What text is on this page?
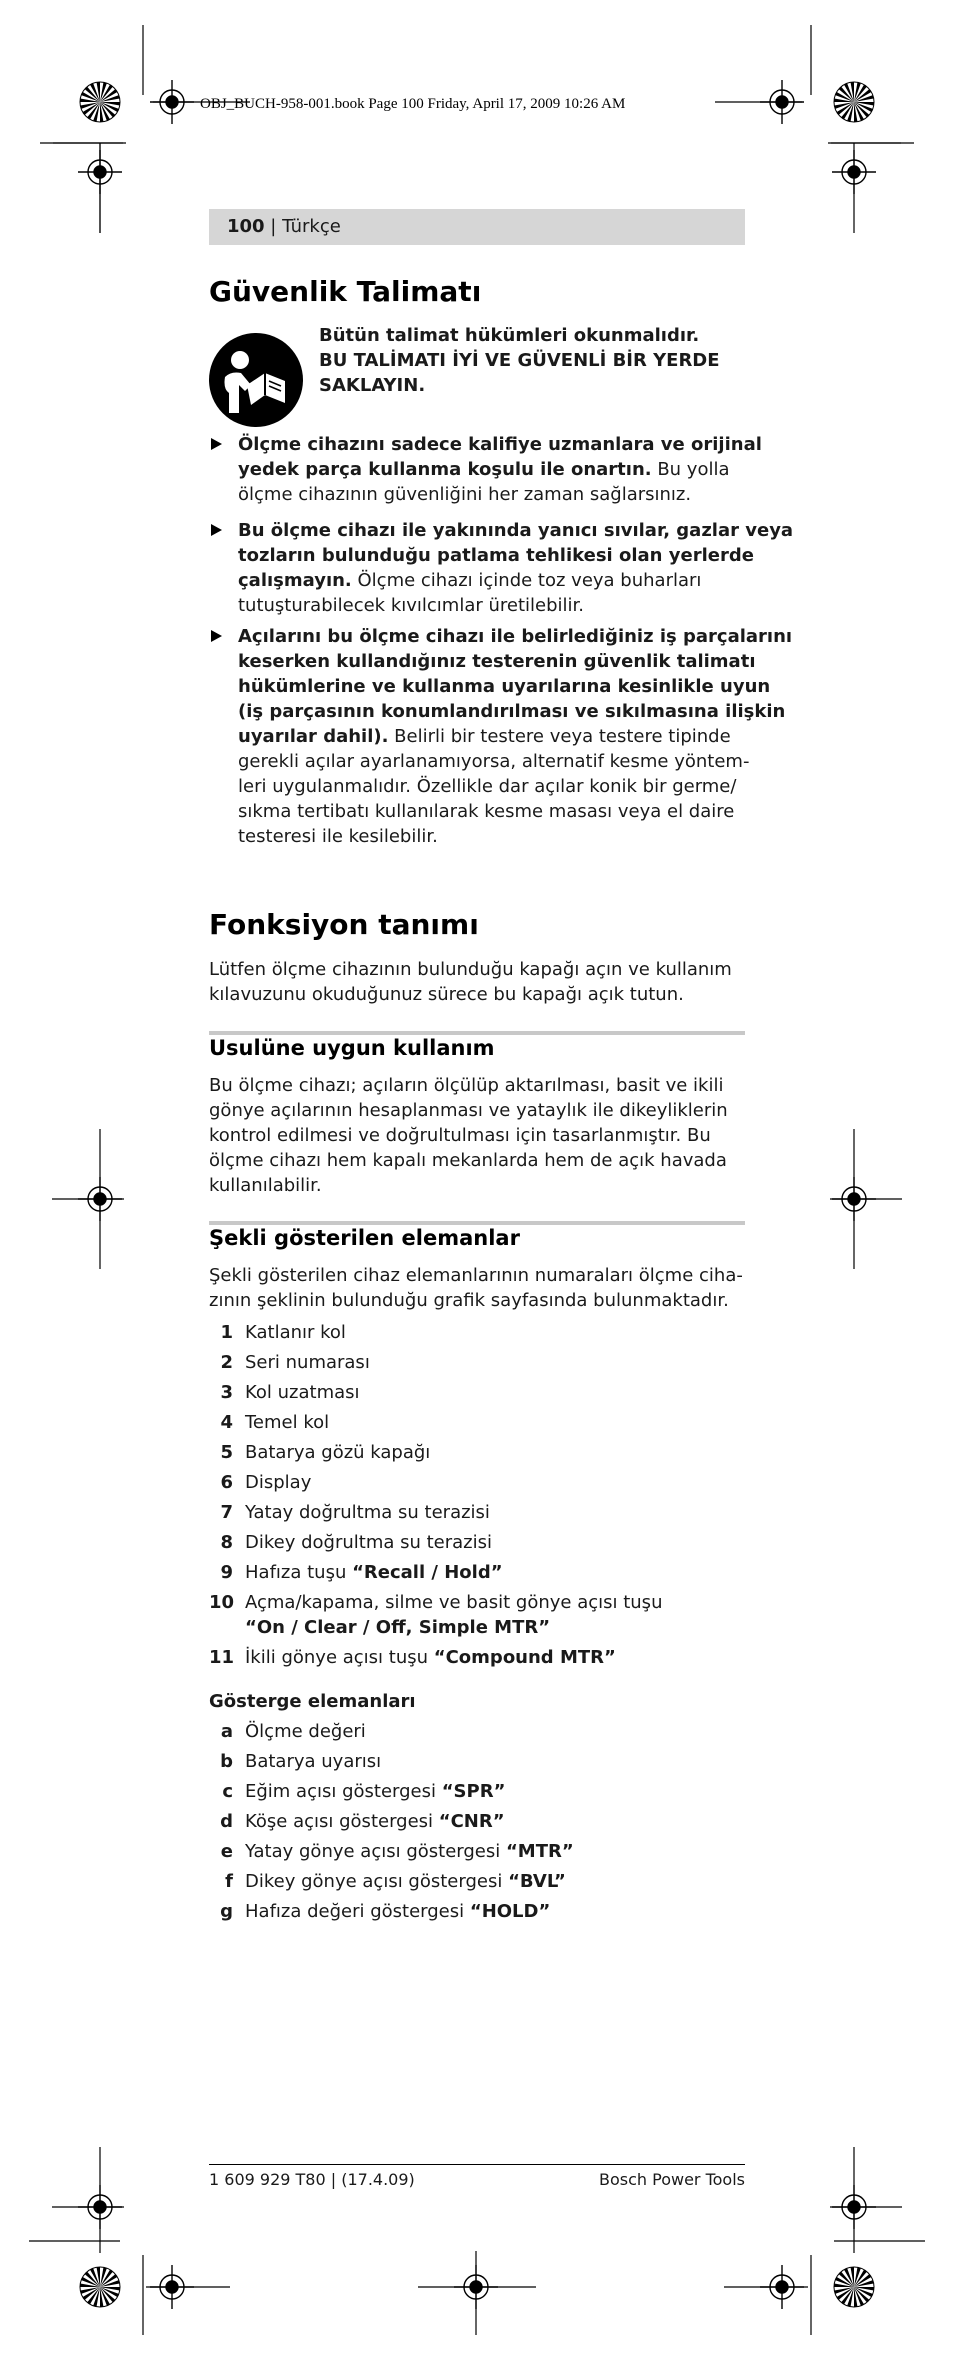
OBJ_BUCH-958-001.book Page 100 Friday, April 17, 2009 10:26 AM
100 | Türkçe
Güvenlik Talimatı
Bütün talimat hükümleri okunmalıdır.
BU TALİMATI İYİ VE GÜVENLİ BİR YERDE
SAKLAYIN.
Ölçme cihazını sadece kalifiye uzmanlara ve orijinal
yedek parça kullanma koşulu ile onartın. Bu yolla
ölçme cihazının güvenliğini her zaman sağlarsınız.
Bu ölçme cihazı ile yakınında yanıcı sıvılar, gazlar veya
tozların bulunduğu patlama tehlikesi olan yerlerde
çalışmayın. Ölçme cihazı içinde toz veya buharları
tutuşturabilecek kıvılcımlar üretilebilir.
Açılarını bu ölçme cihazı ile belirlediğiniz iş parçalarını
keserken kullandığınız testerenin güvenlik talimatı
hükümlerine ve kullanma uyarılarına kesinlikle uyun
(iş parçasının konumlandırılması ve sıkılmasına ilişkin
uyarılar dahil). Belirli bir testere veya testere tipinde
gerekli açılar ayarlanamıyorsa, alternatif kesme yöntem-
leri uygulanmalıdır. Özellikle dar açılar konik bir germe/
sıkma tertibatı kullanılarak kesme masası veya el daire
testeresi ile kesilebilir.
Fonksiyon tanımı
Lütfen ölçme cihazının bulunduğu kapağı açın ve kullanım
kılavuzunu okuduğunuz sürece bu kapağı açık tutun.
Usulüne uygun kullanım
Bu ölçme cihazı; açıların ölçülüp aktarılması, basit ve ikili
gönye açılarının hesaplanması ve yataylık ile dikeyliklerin
kontrol edilmesi ve doğrultulması için tasarlanmıştır. Bu
ölçme cihazı hem kapalı mekanlarda hem de açık havada
kullanılabilir.
Şekli gösterilen elemanlar
Şekli gösterilen cihaz elemanlarının numaraları ölçme ciha-
zının şeklinin bulunduğu grafik sayfasında bulunmaktadır.
1 Katlanır kol
2 Seri numarası
3 Kol uzatması
4 Temel kol
5 Batarya gözü kapağı
6 Display
7 Yatay doğrultma su terazisi
8 Dikey doğrultma su terazisi
9 Hafıza tuşu “Recall / Hold”
10 Açma/kapama, silme ve basit gönye açısı tuşu
“On / Clear / Off, Simple MTR”
11 İkili gönye açısı tuşu “Compound MTR”
Gösterge elemanları
a Ölçme değeri
b Batarya uyarısı
c Eğim açısı göstergesi “SPR”
d Köşe açısı göstergesi “CNR”
e Yatay gönye açısı göstergesi “MTR”
f Dikey gönye açısı göstergesi “BVL”
g Hafıza değeri göstergesi “HOLD”
1 609 929 T80 | (17.4.09)	Bosch Power Tools
